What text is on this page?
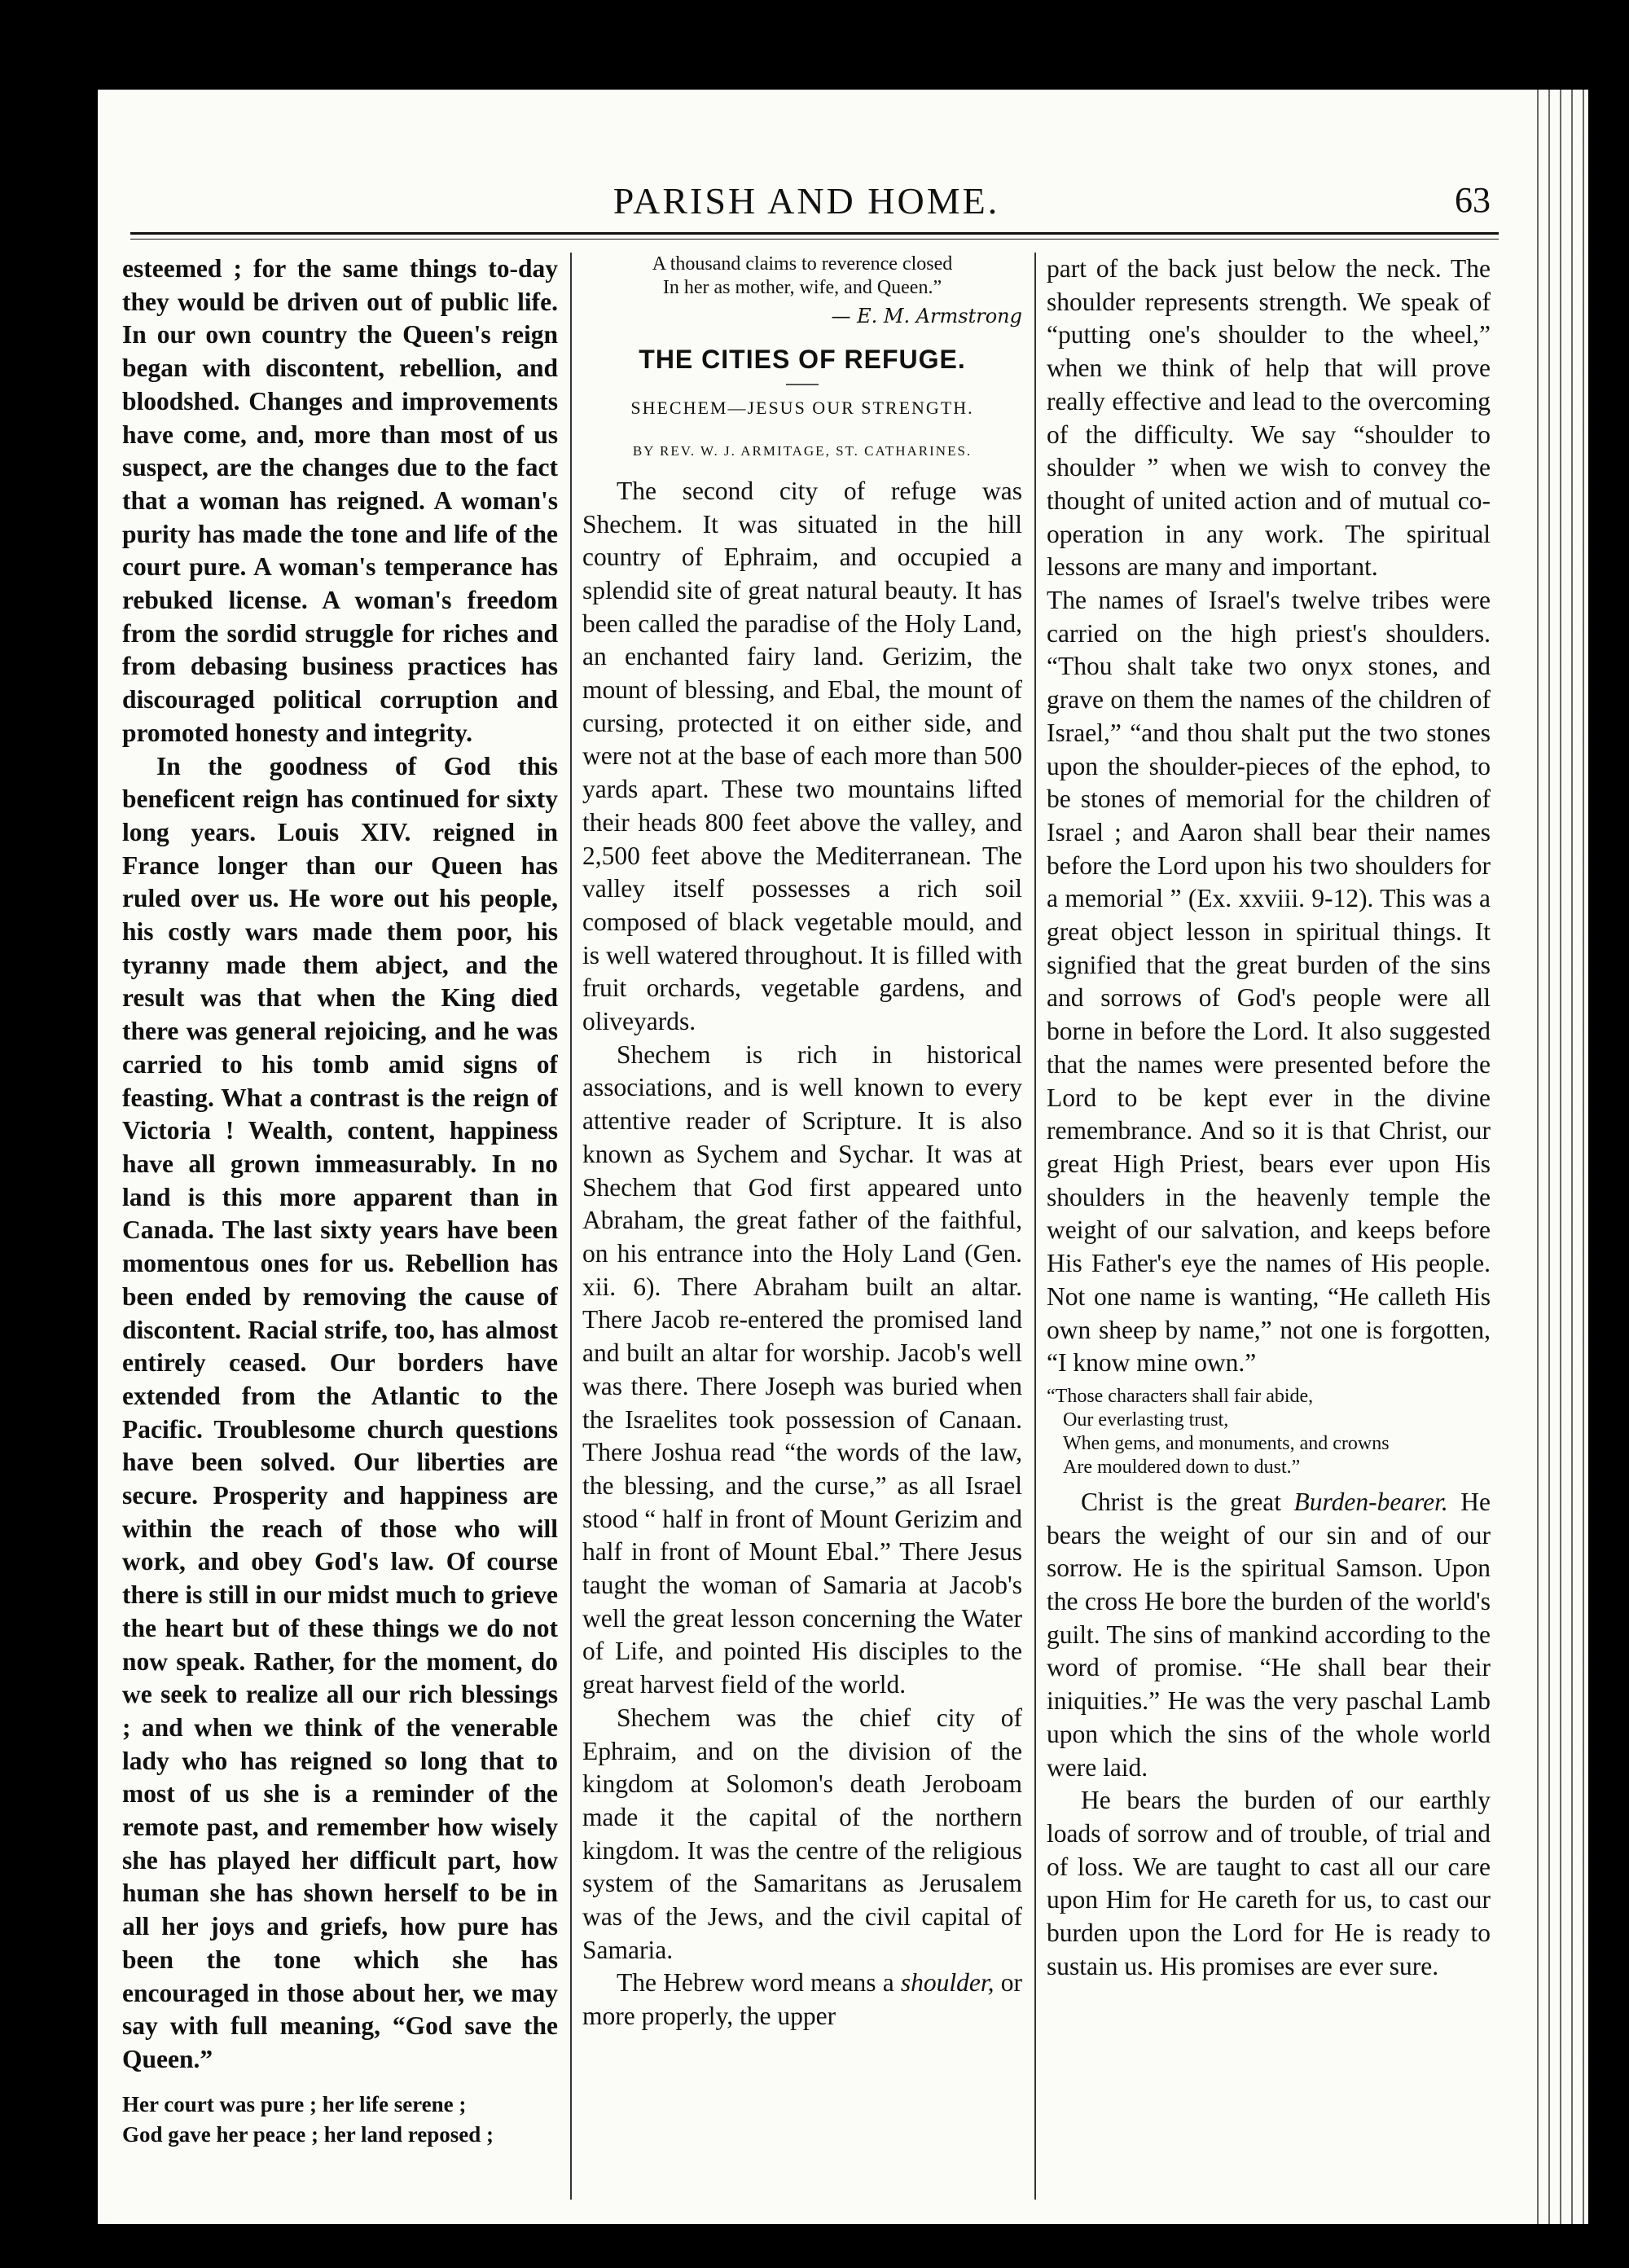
PARISH AND HOME.	63

esteemed ; for the same things to-day they would be driven out of public life. In our own country the Queen's reign began with discontent, rebellion, and bloodshed. Changes and improvements have come, and, more than most of us suspect, are the changes due to the fact that a woman has reigned. A woman's purity has made the tone and life of the court pure. A woman's temperance has rebuked license. A woman's freedom from the sordid struggle for riches and from debasing business practices has discouraged political corruption and promoted honesty and integrity.

In the goodness of God this beneficent reign has continued for sixty long years. Louis XIV. reigned in France longer than our Queen has ruled over us. He wore out his people, his costly wars made them poor, his tyranny made them abject, and the result was that when the King died there was general rejoicing, and he was carried to his tomb amid signs of feasting. What a contrast is the reign of Victoria ! Wealth, content, happiness have all grown immeasurably. In no land is this more apparent than in Canada. The last sixty years have been momentous ones for us. Rebellion has been ended by removing the cause of discontent. Racial strife, too, has almost entirely ceased. Our borders have extended from the Atlantic to the Pacific. Troublesome church questions have been solved. Our liberties are secure. Prosperity and happiness are within the reach of those who will work, and obey God's law. Of course there is still in our midst much to grieve the heart but of these things we do not now speak. Rather, for the moment, do we seek to realize all our rich blessings ; and when we think of the venerable lady who has reigned so long that to most of us she is a reminder of the remote past, and remember how wisely she has played her difficult part, how human she has shown herself to be in all her joys and griefs, how pure has been the tone which she has encouraged in those about her, we may say with full meaning, “God save the Queen.”

Her court was pure ; her life serene ;
God gave her peace ; her land reposed ;
A thousand claims to reverence closed
In her as mother, wife, and Queen.”
— E. M. Armstrong
THE CITIES OF REFUGE.
SHECHEM—JESUS OUR STRENGTH.
BY REV. W. J. ARMITAGE, ST. CATHARINES.

The second city of refuge was Shechem. It was situated in the hill country of Ephraim, and occupied a splendid site of great natural beauty. It has been called the paradise of the Holy Land, an enchanted fairy land. Gerizim, the mount of blessing, and Ebal, the mount of cursing, protected it on either side, and were not at the base of each more than 500 yards apart. These two mountains lifted their heads 800 feet above the valley, and 2,500 feet above the Mediterranean. The valley itself possesses a rich soil composed of black vegetable mould, and is well watered throughout. It is filled with fruit orchards, vegetable gardens, and oliveyards.

Shechem is rich in historical associations, and is well known to every attentive reader of Scripture. It is also known as Sychem and Sychar. It was at Shechem that God first appeared unto Abraham, the great father of the faithful, on his entrance into the Holy Land (Gen. xii. 6). There Abraham built an altar. There Jacob re-entered the promised land and built an altar for worship. Jacob's well was there. There Joseph was buried when the Israelites took possession of Canaan. There Joshua read “the words of the law, the blessing, and the curse,” as all Israel stood “ half in front of Mount Gerizim and half in front of Mount Ebal.” There Jesus taught the woman of Samaria at Jacob's well the great lesson concerning the Water of Life, and pointed His disciples to the great harvest field of the world.

Shechem was the chief city of Ephraim, and on the division of the kingdom at Solomon's death Jeroboam made it the capital of the northern kingdom. It was the centre of the religious system of the Samaritans as Jerusalem was of the Jews, and the civil capital of Samaria.

The Hebrew word means a shoulder, or more properly, the upper

part of the back just below the neck. The shoulder represents strength. We speak of “putting one's shoulder to the wheel,” when we think of help that will prove really effective and lead to the overcoming of the difficulty. We say “shoulder to shoulder ” when we wish to convey the thought of united action and of mutual co-operation in any work. The spiritual lessons are many and important.

The names of Israel's twelve tribes were carried on the high priest's shoulders. “Thou shalt take two onyx stones, and grave on them the names of the children of Israel,” “and thou shalt put the two stones upon the shoulder-pieces of the ephod, to be stones of memorial for the children of Israel ; and Aaron shall bear their names before the Lord upon his two shoulders for a memorial ” (Ex. xxviii. 9-12). This was a great object lesson in spiritual things. It signified that the great burden of the sins and sorrows of God's people were all borne in before the Lord. It also suggested that the names were presented before the Lord to be kept ever in the divine remembrance. And so it is that Christ, our great High Priest, bears ever upon His shoulders in the heavenly temple the weight of our salvation, and keeps before His Father's eye the names of His people. Not one name is wanting, “He calleth His own sheep by name,” not one is forgotten, “I know mine own.”

“Those characters shall fair abide,
Our everlasting trust,
When gems, and monuments, and crowns
Are mouldered down to dust.”

Christ is the great Burden-bearer. He bears the weight of our sin and of our sorrow. He is the spiritual Samson. Upon the cross He bore the burden of the world's guilt. The sins of mankind according to the word of promise. “He shall bear their iniquities.” He was the very paschal Lamb upon which the sins of the whole world were laid.

He bears the burden of our earthly loads of sorrow and of trouble, of trial and of loss. We are taught to cast all our care upon Him for He careth for us, to cast our burden upon the Lord for He is ready to sustain us. His promises are ever sure.
